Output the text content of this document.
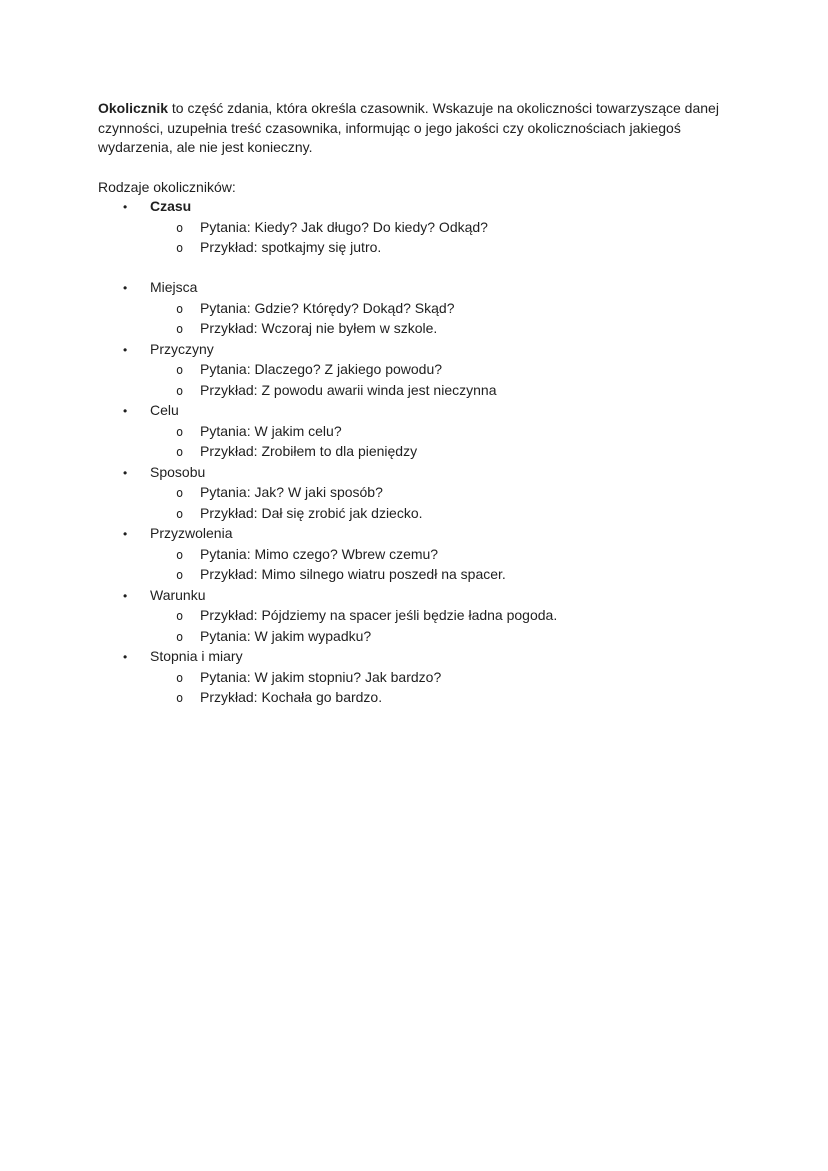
Okolicznik to część zdania, która określa czasownik. Wskazuje na okoliczności towarzyszące danej czynności, uzupełnia treść czasownika, informując o jego jakości czy okolicznościach jakiegoś wydarzenia, ale nie jest konieczny.

Rodzaje okoliczników:

•	Czasu
o	Pytania: Kiedy? Jak długo? Do kiedy? Odkąd?
o	Przykład: spotkajmy się jutro.
•	Miejsca
o	Pytania: Gdzie? Którędy? Dokąd? Skąd?
o	Przykład: Wczoraj nie byłem w szkole.
•	Przyczyny
o	Pytania: Dlaczego? Z jakiego powodu?
o	Przykład: Z powodu awarii winda jest nieczynna
•	Celu
o	Pytania: W jakim celu?
o	Przykład: Zrobiłem to dla pieniędzy
•	Sposobu
o	Pytania: Jak? W jaki sposób?
o	Przykład: Dał się zrobić jak dziecko.
•	Przyzwolenia
o	Pytania: Mimo czego? Wbrew czemu?
o	Przykład: Mimo silnego wiatru poszedł na spacer.
•	Warunku
o	Przykład: Pójdziemy na spacer jeśli będzie ładna pogoda.
o	Pytania: W jakim wypadku?
•	Stopnia i miary
o	Pytania: W jakim stopniu? Jak bardzo?
o	Przykład: Kochała go bardzo.
